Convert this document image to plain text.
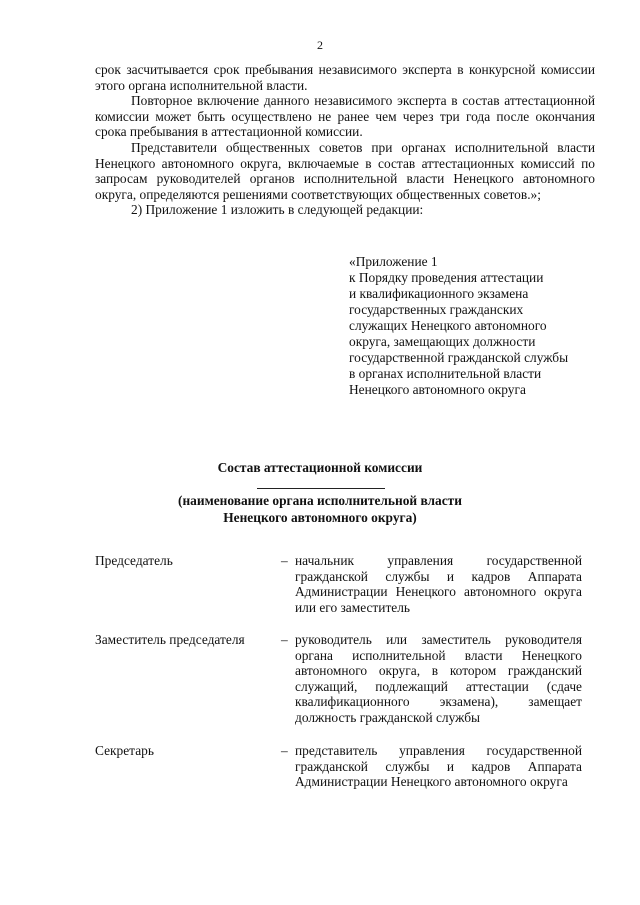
2

срок засчитывается срок пребывания независимого эксперта в конкурсной комиссии этого органа исполнительной власти.

Повторное включение данного независимого эксперта в состав аттестационной комиссии может быть осуществлено не ранее чем через три года после окончания срока пребывания в аттестационной комиссии.

Представители общественных советов при органах исполнительной власти Ненецкого автономного округа, включаемые в состав аттестационных комиссий по запросам руководителей органов исполнительной власти Ненецкого автономного округа, определяются решениями соответствующих общественных советов.»;

2) Приложение 1 изложить в следующей редакции:

«Приложение 1
к Порядку проведения аттестации
и квалификационного экзамена
государственных гражданских
служащих Ненецкого автономного
округа, замещающих должности
государственной гражданской службы
в органах исполнительной власти
Ненецкого автономного округа
Состав аттестационной комиссии
(наименование органа исполнительной власти
Ненецкого автономного округа)
Председатель	– начальник управления государственной гражданской службы и кадров Аппарата Администрации Ненецкого автономного округа или его заместитель
Заместитель председателя	– руководитель или заместитель руководителя органа исполнительной власти Ненецкого автономного округа, в котором гражданский служащий, подлежащий аттестации (сдаче квалификационного экзамена), замещает должность гражданской службы
Секретарь	– представитель управления государственной гражданской службы и кадров Аппарата Администрации Ненецкого автономного округа
